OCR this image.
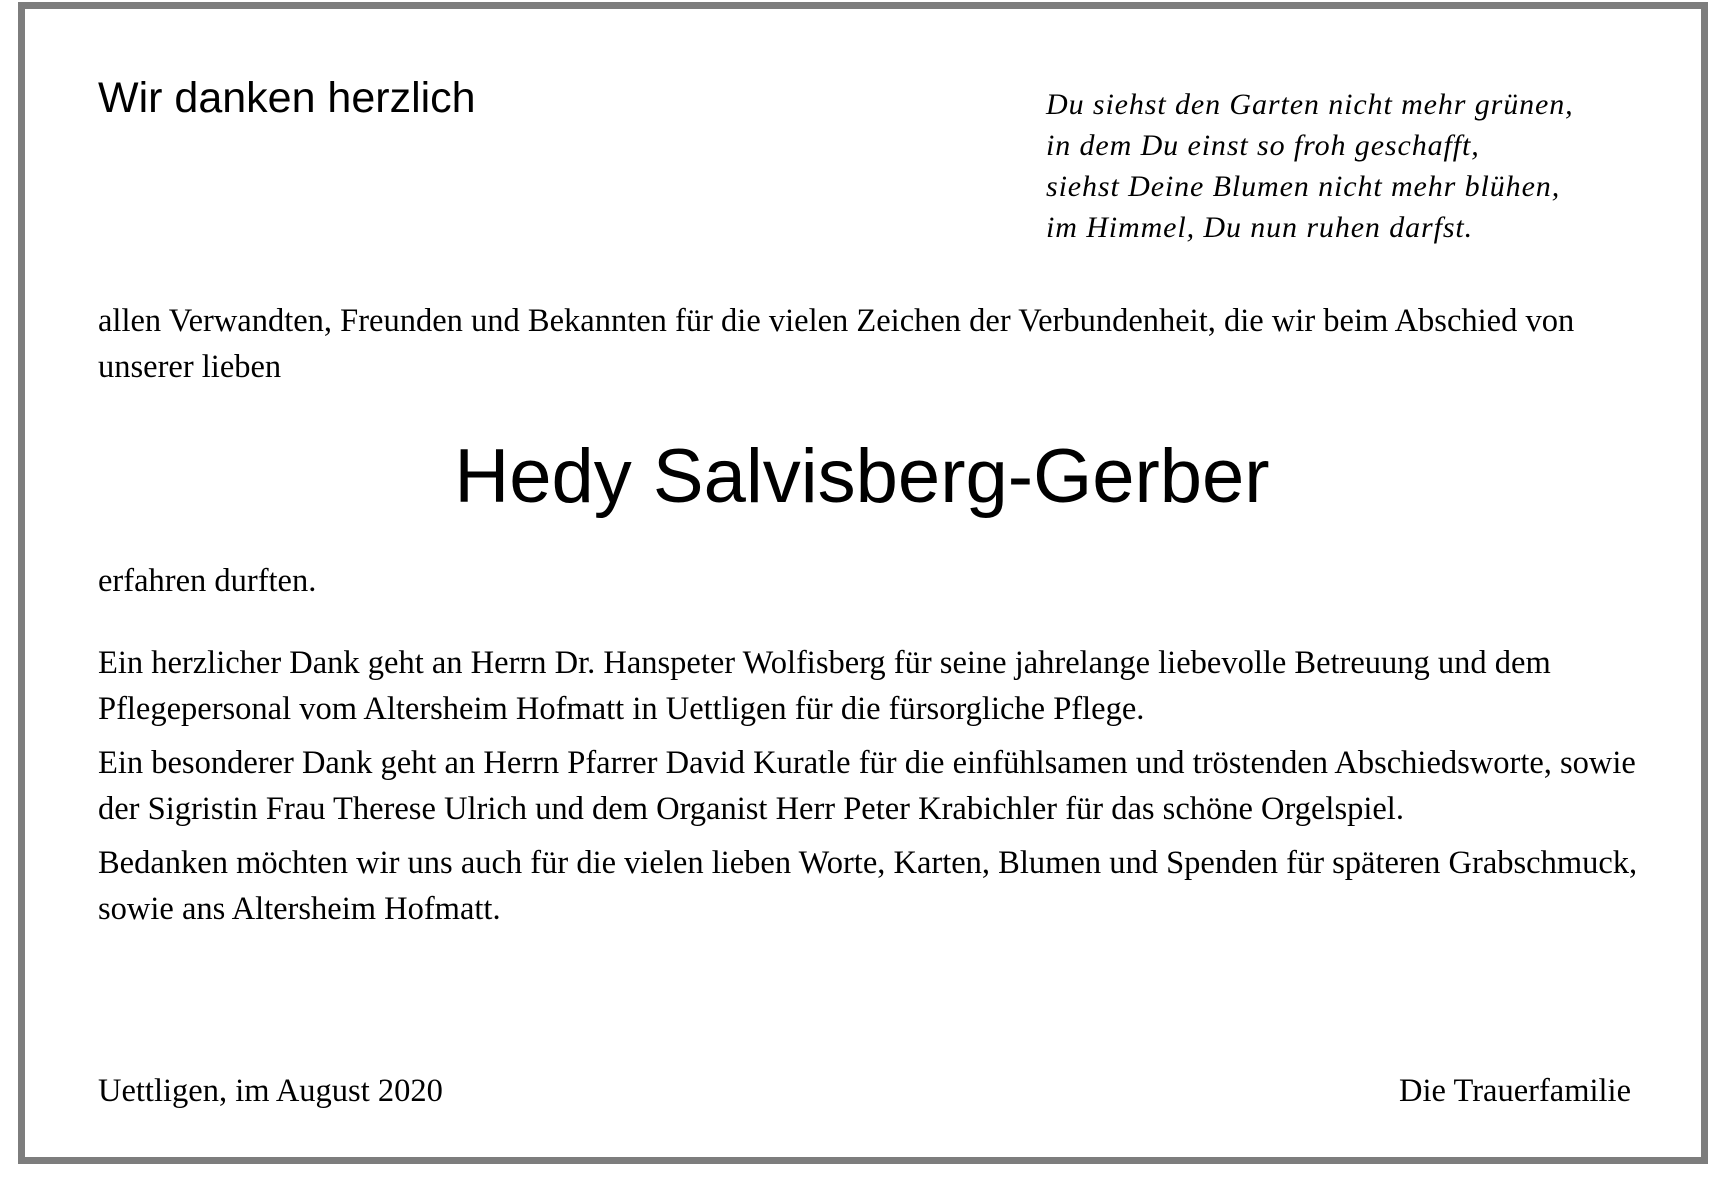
Wir danken herzlich	Du siehst den Garten nicht mehr grünen,
in dem Du einst so froh geschafft,
siehst Deine Blumen nicht mehr blühen,
im Himmel, Du nun ruhen darfst.
allen Verwandten, Freunden und Bekannten für die vielen Zeichen der Verbundenheit, die wir beim Abschied von unserer lieben
Hedy Salvisberg-Gerber
erfahren durften.

Ein herzlicher Dank geht an Herrn Dr. Hanspeter Wolfisberg für seine jahrelange liebevolle Betreuung und dem Pflegepersonal vom Altersheim Hofmatt in Uettligen für die fürsorgliche Pflege.

Ein besonderer Dank geht an Herrn Pfarrer David Kuratle für die einfühlsamen und tröstenden Abschiedsworte, sowie der Sigristin Frau Therese Ulrich und dem Organist Herr Peter Krabichler für das schöne Orgelspiel.

Bedanken möchten wir uns auch für die vielen lieben Worte, Karten, Blumen und Spenden für späteren Grabschmuck, sowie ans Altersheim Hofmatt.

Uettligen, im August 2020	Die Trauerfamilie
